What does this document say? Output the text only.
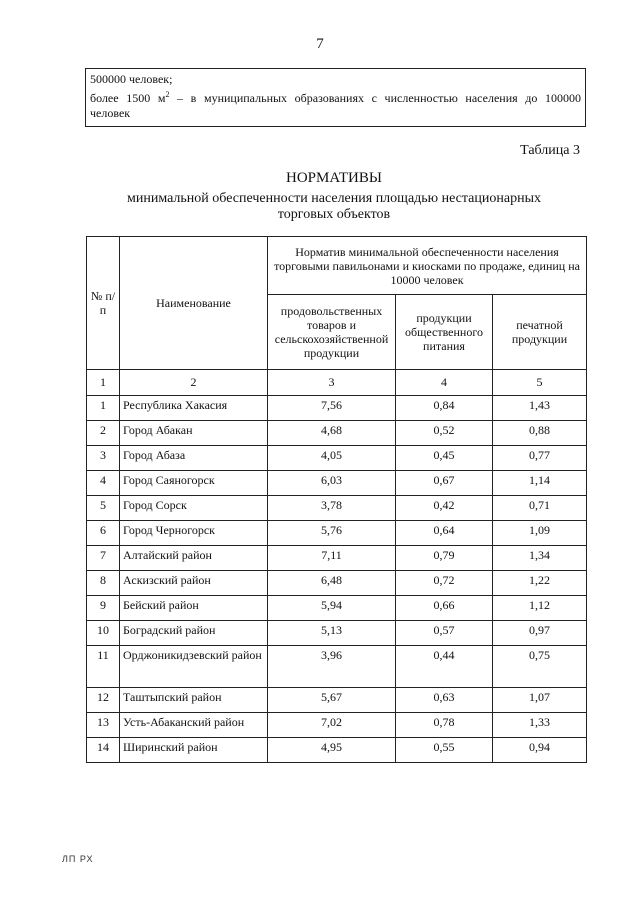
7
500000 человек;
более 1500 $м^2$ – в муниципальных образованиях с численностью населения до 100000
человек
Таблица 3
НОРМАТИВЫ
минимальной обеспеченности населения площадью нестационарных
торговых объектов
№ п/п	Наименование	Норматив минимальной обеспеченности населения торговыми павильонами и киосками по продаже, единиц на 10000 человек		
		продовольственных товаров и сельскохозяйственной продукции	продукции общественного питания	печатной продукции
1	2	3	4	5
1	Республика Хакасия	7,56	0,84	1,43
2	Город Абакан	4,68	0,52	0,88
3	Город Абаза	4,05	0,45	0,77
4	Город Саяногорск	6,03	0,67	1,14
5	Город Сорск	3,78	0,42	0,71
6	Город Черногорск	5,76	0,64	1,09
7	Алтайский район	7,11	0,79	1,34
8	Аскизский район	6,48	0,72	1,22
9	Бейский район	5,94	0,66	1,12
10	Боградский район	5,13	0,57	0,97
11	Орджоникидзевский район	3,96	0,44	0,75
12	Таштыпский район	5,67	0,63	1,07
13	Усть-Абаканский район	7,02	0,78	1,33
14	Ширинский район	4,95	0,55	0,94
ЛП РХ
